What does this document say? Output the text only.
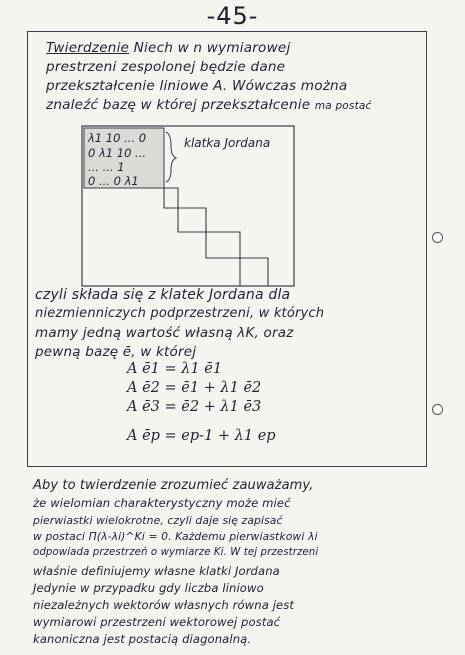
-45-
Twierdzenie Niech w n wymiarowej
prestrzeni zespolonej będzie dane
przekształcenie liniowe A. Wówczas można
znaleźć bazę w której przekształcenie ma postać
λ1 10 ... 0
0 λ1 10 ...
... ... 1
0 ... 0 λ1
klatka Jordana
czyli składa się z klatek Jordana dla
niezmienniczych podprzestrzeni, w których
mamy jedną wartość własną λK, oraz
pewną bazę ē, w której
A ē1 = λ1 ē1
A ē2 = ē1 + λ1 ē2
A ē3 = ē2 + λ1 ē3
A ēp = ep-1 + λ1 ep
Aby to twierdzenie zrozumieć zauważamy,
że wielomian charakterystyczny może mieć
pierwiastki wielokrotne, czyli daje się zapisać
w postaci Π(λ-λi)^Ki = 0. Każdemu pierwiastkowi λi
odpowiada przestrzeń o wymiarze Ki. W tej przestrzeni
właśnie definiujemy własne klatki Jordana
Jedynie w przypadku gdy liczba liniowo
niezależnych wektorów własnych równa jest
wymiarowi przestrzeni wektorowej postać
kanoniczna jest postacią diagonalną.
